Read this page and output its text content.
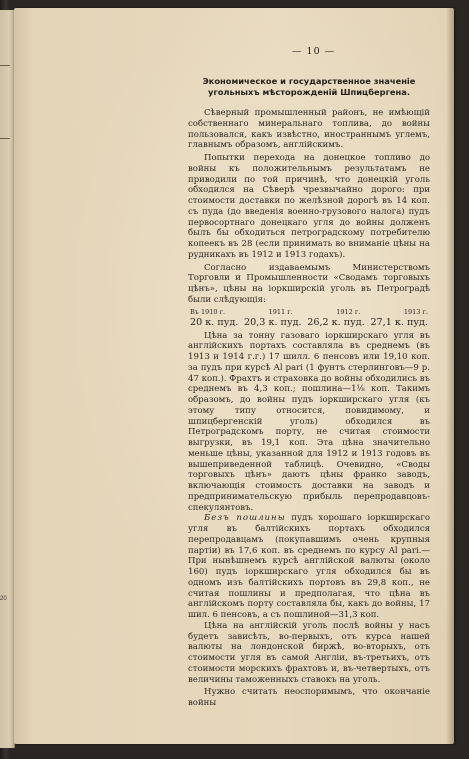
20
— 10 —
Экономическое и государственное значеніе угольныхъ мѣсторожденій Шпицбергена.

Сѣверный промышленный районъ, не имѣющій собственнаго минеральнаго топлива, до войны пользовался, какъ извѣстно, иностраннымъ углемъ, главнымъ образомъ, англійскимъ.

Попытки перехода на донецкое топливо до войны къ положительнымъ результатамъ не приводили по той причинѣ, что донецкій уголь обходился на Сѣверѣ чрезвычайно дорого: при стоимости доставки по желѣзной дорогѣ въ 14 коп. съ пуда (до введенія военно-грузового налога) пудъ первосортнаго донецкаго угля до войны долженъ былъ бы обходиться петроградскому потребителю копеекъ въ 28 (если принимать во вниманіе цѣны на рудникахъ въ 1912 и 1913 годахъ).

Согласно издаваемымъ Министерствомъ Торговли и Промышленности «Сводамъ торговыхъ цѣнъ», цѣны на іоркширскій уголь въ Петроградѣ были слѣдующія:

Въ 1910 г.	1911 г.	1912 г.	1913 г.
20 к. пуд. 20,3 к. пуд. 26,2 к. пуд. 27,1 к. пуд.

Цѣна за тонну газоваго іоркширскаго угля въ англійскихъ портахъ составляла въ среднемъ (въ 1913 и 1914 г.г.) 17 шилл. 6 пенсовъ или 19,10 коп. за пудъ при курсѣ Al pari (1 фунтъ стерлинговъ—9 р. 47 коп.). Фрахтъ и страховка до войны обходились въ среднемъ въ 4,3 коп.; пошлина—1⅛ коп. Такимъ образомъ, до войны пудъ іоркширскаго угля (къ этому типу относится, повидимому, и шпицбергенскій уголь) обходился въ Петроградскомъ порту, не считая стоимости выгрузки, въ 19,1 коп. Эта цѣна значительно меньше цѣны, указанной для 1912 и 1913 годовъ въ вышеприведенной таблицѣ. Очевидно, «Своды торговыхъ цѣнъ» даютъ цѣны франко заводъ, включающія стоимость доставки на заводъ и предпринимательскую прибыль перепродавцовъ-спекулянтовъ.

Безъ пошлины пудъ хорошаго іоркширскаго угля въ балтійскихъ портахъ обходился перепродавцамъ (покупавшимъ очень крупныя партіи) въ 17,6 коп. въ среднемъ по курсу Al pari.—При нынѣшнемъ курсѣ англійской валюты (около 160) пудъ іоркширскаго угля обходился бы въ одномъ изъ балтійскихъ портовъ въ 29,8 коп., не считая пошлины и предполагая, что цѣна въ англійскомъ порту составляла бы, какъ до войны, 17 шил. 6 пенсовъ, а съ пошлиной—31,3 коп.

Цѣна на англійскій уголь послѣ войны у насъ будетъ зависѣть, во-первыхъ, отъ курса нашей валюты на лондонской биржѣ, во-вторыхъ, отъ стоимости угля въ самой Англіи, въ-третьихъ, отъ стоимости морскихъ фрахтовъ и, въ-четвертыхъ, отъ величины таможенныхъ ставокъ на уголь.

Нужно считать неоспоримымъ, что окончаніе войны
